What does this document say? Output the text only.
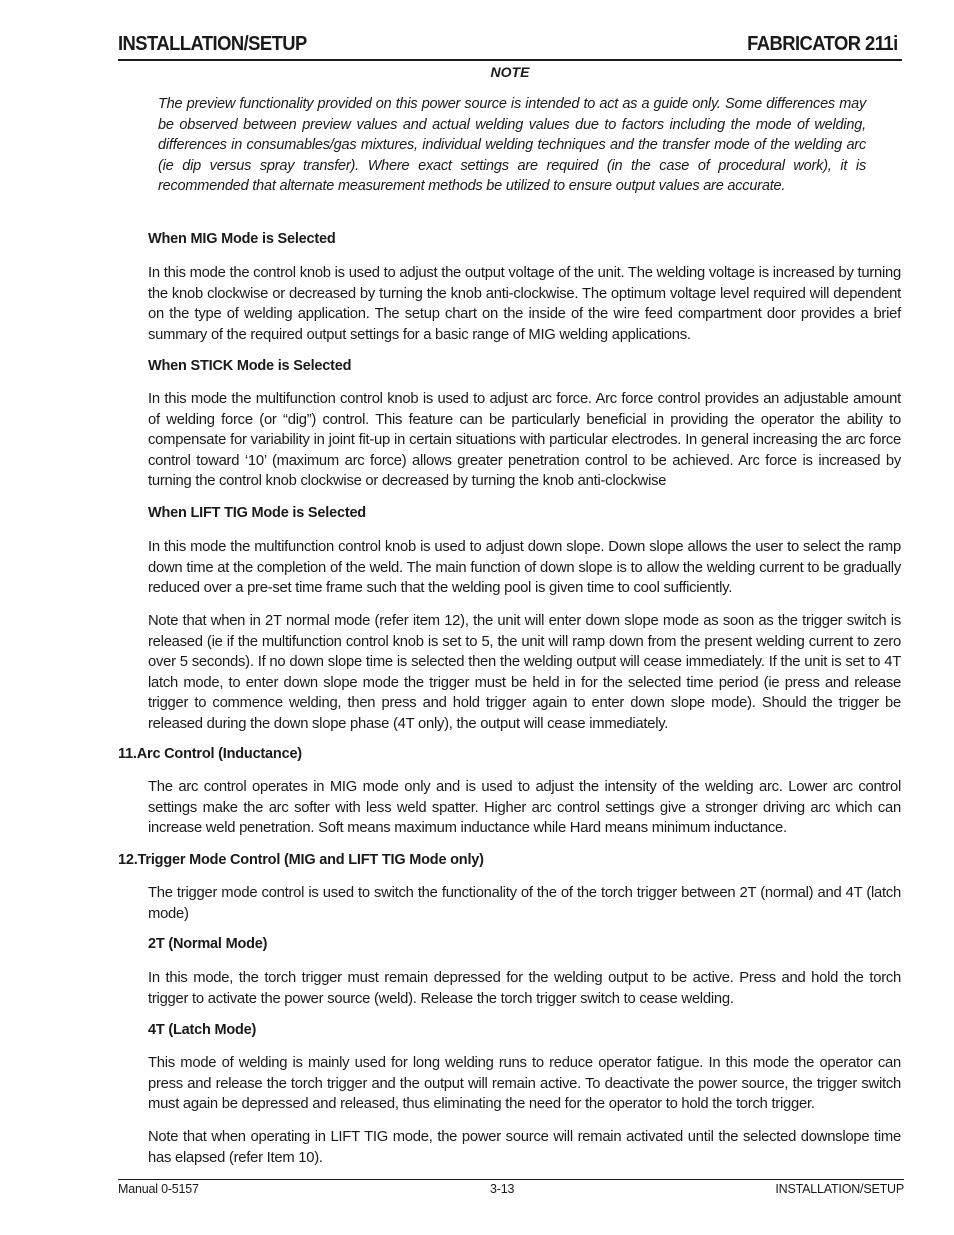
INSTALLATION/SETUP	FABRICATOR 211i
NOTE
The preview functionality provided on this power source is intended to act as a guide only. Some differences may be observed between preview values and actual welding values due to factors including the mode of welding, differences in consumables/gas mixtures, individual welding techniques and the transfer mode of the welding arc (ie dip versus spray transfer). Where exact settings are required (in the case of procedural work), it is recommended that alternate measurement methods be utilized to ensure output values are accurate.
When MIG Mode is Selected

In this mode the control knob is used to adjust the output voltage of the unit. The welding voltage is increased by turning the knob clockwise or decreased by turning the knob anti-clockwise. The optimum voltage level required will dependent on the type of welding application. The setup chart on the inside of the wire feed compartment door provides a brief summary of the required output settings for a basic range of MIG welding applications.

When STICK Mode is Selected

In this mode the multifunction control knob is used to adjust arc force. Arc force control provides an adjustable amount of welding force (or “dig”) control. This feature can be particularly beneficial in providing the operator the ability to compensate for variability in joint fit-up in certain situations with particular electrodes. In general increasing the arc force control toward ‘10’ (maximum arc force) allows greater penetration control to be achieved. Arc force is increased by turning the control knob clockwise or decreased by turning the knob anti-clockwise

When LIFT TIG Mode is Selected

In this mode the multifunction control knob is used to adjust down slope. Down slope allows the user to select the ramp down time at the completion of the weld. The main function of down slope is to allow the welding current to be gradually reduced over a pre-set time frame such that the welding pool is given time to cool sufficiently.

Note that when in 2T normal mode (refer item 12), the unit will enter down slope mode as soon as the trigger switch is released (ie if the multifunction control knob is set to 5, the unit will ramp down from the present welding current to zero over 5 seconds). If no down slope time is selected then the welding output will cease immediately. If the unit is set to 4T latch mode, to enter down slope mode the trigger must be held in for the selected time period (ie press and release trigger to commence welding, then press and hold trigger again to enter down slope mode). Should the trigger be released during the down slope phase (4T only), the output will cease immediately.

11.Arc Control (Inductance)

The arc control operates in MIG mode only and is used to adjust the intensity of the welding arc. Lower arc control settings make the arc softer with less weld spatter. Higher arc control settings give a stronger driving arc which can increase weld penetration. Soft means maximum inductance while Hard means minimum inductance.

12.Trigger Mode Control (MIG and LIFT TIG Mode only)

The trigger mode control is used to switch the functionality of the of the torch trigger between 2T (normal) and 4T (latch mode)

2T (Normal Mode)

In this mode, the torch trigger must remain depressed for the welding output to be active. Press and hold the torch trigger to activate the power source (weld). Release the torch trigger switch to cease welding.

4T (Latch Mode)

This mode of welding is mainly used for long welding runs to reduce operator fatigue. In this mode the operator can press and release the torch trigger and the output will remain active. To deactivate the power source, the trigger switch must again be depressed and released, thus eliminating the need for the operator to hold the torch trigger.

Note that when operating in LIFT TIG mode, the power source will remain activated until the selected downslope time has elapsed (refer Item 10).

Manual 0-5157	3-13	INSTALLATION/SETUP
